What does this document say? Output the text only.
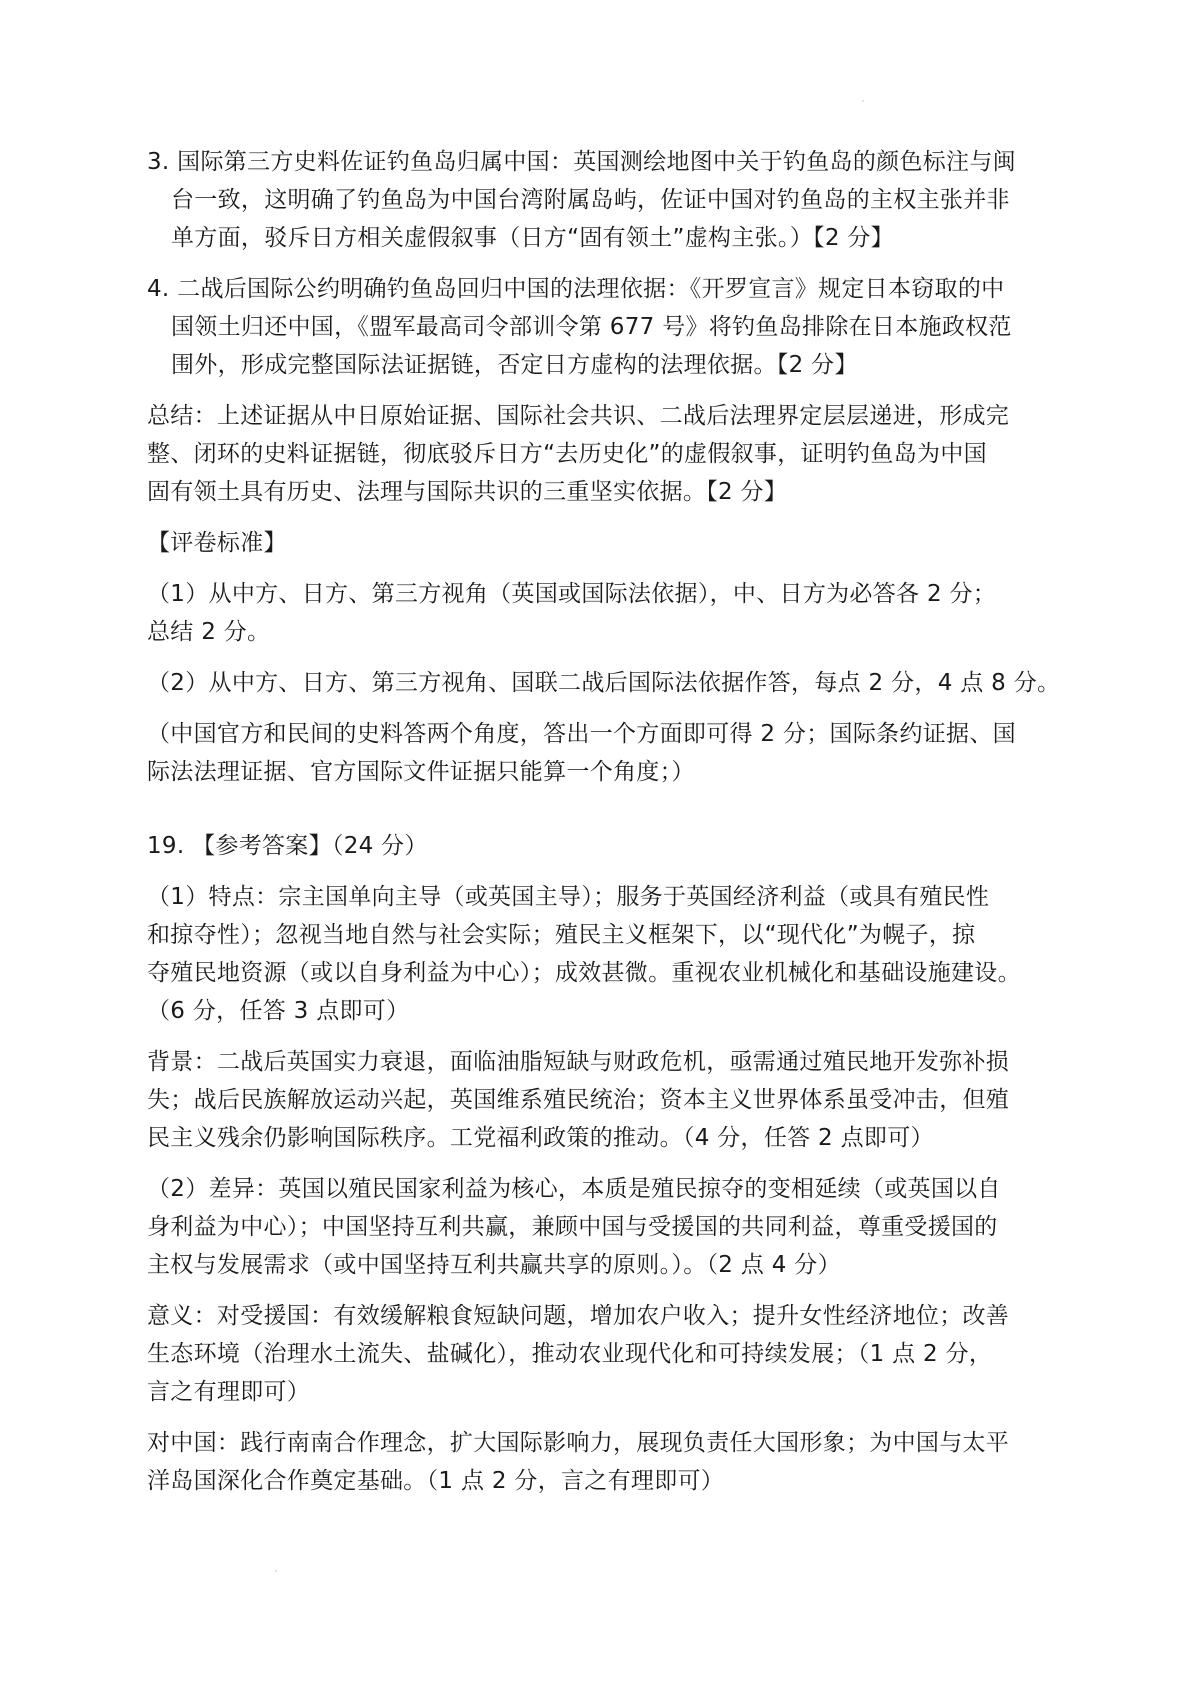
3. 国际第三方史料佐证钓鱼岛归属中国：英国测绘地图中关于钓鱼岛的颜色标注与闽
台一致，这明确了钓鱼岛为中国台湾附属岛屿，佐证中国对钓鱼岛的主权主张并非
单方面，驳斥日方相关虚假叙事（日方“固有领土”虚构主张。）【2 分】

4. 二战后国际公约明确钓鱼岛回归中国的法理依据：《开罗宣言》规定日本窃取的中
国领土归还中国，《盟军最高司令部训令第 677 号》将钓鱼岛排除在日本施政权范
围外，形成完整国际法证据链，否定日方虚构的法理依据。【2 分】

总结：上述证据从中日原始证据、国际社会共识、二战后法理界定层层递进，形成完
整、闭环的史料证据链，彻底驳斥日方“去历史化”的虚假叙事，证明钓鱼岛为中国
固有领土具有历史、法理与国际共识的三重坚实依据。【2 分】

【评卷标准】

（1）从中方、日方、第三方视角（英国或国际法依据），中、日方为必答各 2 分；
总结 2 分。

（2）从中方、日方、第三方视角、国联二战后国际法依据作答，每点 2 分，4 点 8 分。

（中国官方和民间的史料答两个角度，答出一个方面即可得 2 分；国际条约证据、国
际法法理证据、官方国际文件证据只能算一个角度；）

19. 【参考答案】（24 分）

（1）特点：宗主国单向主导（或英国主导）；服务于英国经济利益（或具有殖民性
和掠夺性）；忽视当地自然与社会实际；殖民主义框架下，以“现代化”为幌子，掠
夺殖民地资源（或以自身利益为中心）；成效甚微。重视农业机械化和基础设施建设。
（6 分，任答 3 点即可）

背景：二战后英国实力衰退，面临油脂短缺与财政危机，亟需通过殖民地开发弥补损
失；战后民族解放运动兴起，英国维系殖民统治；资本主义世界体系虽受冲击，但殖
民主义残余仍影响国际秩序。工党福利政策的推动。（4 分，任答 2 点即可）

（2）差异：英国以殖民国家利益为核心，本质是殖民掠夺的变相延续（或英国以自
身利益为中心）；中国坚持互利共赢，兼顾中国与受援国的共同利益，尊重受援国的
主权与发展需求（或中国坚持互利共赢共享的原则。）。（2 点 4 分）

意义：对受援国：有效缓解粮食短缺问题，增加农户收入；提升女性经济地位；改善
生态环境（治理水土流失、盐碱化），推动农业现代化和可持续发展；（1 点 2 分，
言之有理即可）

对中国：践行南南合作理念，扩大国际影响力，展现负责任大国形象；为中国与太平
洋岛国深化合作奠定基础。（1 点 2 分，言之有理即可）
